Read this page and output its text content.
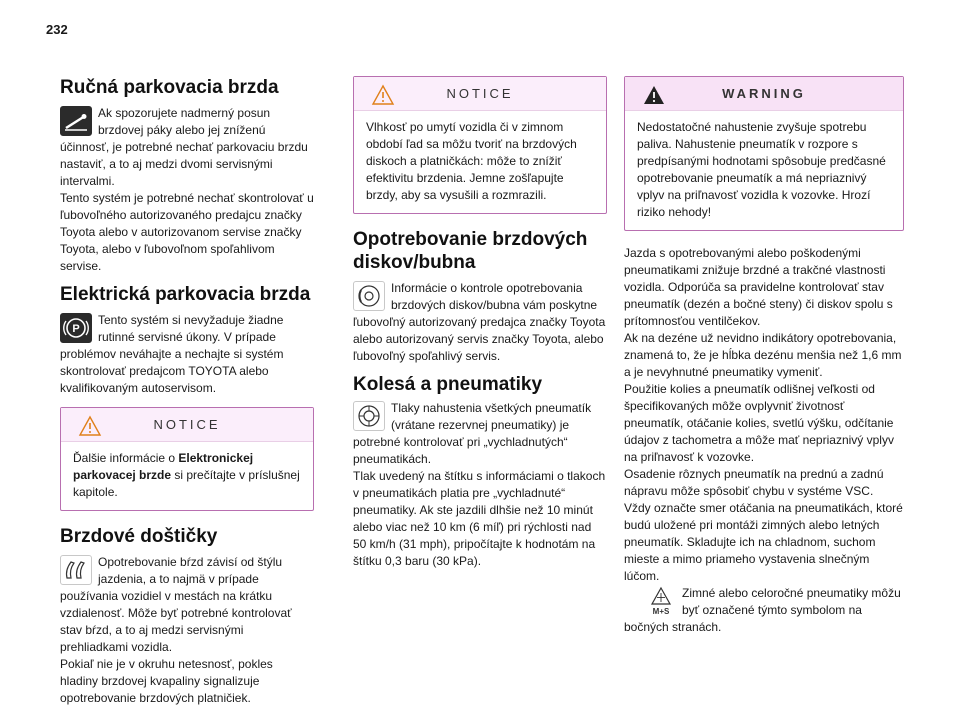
232
Ručná parkovacia brzda

Ak spozorujete nadmerný posun brzdovej páky alebo jej zníženú účinnosť, je potrebné nechať parkovaciu brzdu nastaviť, a to aj medzi dvomi servisnými intervalmi.

Tento systém je potrebné nechať skontrolovať u ľubovoľného autorizovaného predajcu značky Toyota alebo v autorizovanom servise značky Toyota, alebo v ľubovoľnom spoľahlivom servise.

Elektrická parkovacia brzda
P

Tento systém si nevyžaduje žiadne rutinné servisné úkony. V prípade problémov neváhajte a nechajte si systém skontrolovať predajcom TOYOTA alebo kvalifikovaným autoservisom.

NOTICE
Ďalšie informácie o Elektronickej parkovacej brzde si prečítajte v príslušnej kapitole.
Brzdové doštičky

Opotrebovanie bŕzd závisí od štýlu jazdenia, a to najmä v prípade používania vozidiel v mestách na krátku vzdialenosť. Môže byť potrebné kontrolovať stav bŕzd, a to aj medzi servisnými prehliadkami vozidla.

Pokiaľ nie je v okruhu netesnosť, pokles hladiny brzdovej kvapaliny signalizuje opotrebovanie brzdových platničiek.

NOTICE
Vlhkosť po umytí vozidla či v zimnom období ľad sa môžu tvoriť na brzdových diskoch a platničkách: môže to znížiť efektivitu brzdenia. Jemne zošľapujte brzdy, aby sa vysušili a rozmrazili.
Opotrebovanie brzdových diskov/bubna

Informácie o kontrole opotrebovania brzdových diskov/bubna vám poskytne ľubovoľný autorizovaný predajca značky Toyota alebo autorizovaný servis značky Toyota, alebo ľubovoľný spoľahlivý servis.

Kolesá a pneumatiky

Tlaky nahustenia všetkých pneumatík (vrátane rezervnej pneumatiky) je potrebné kontrolovať pri „vychladnutých“ pneumatikách.

Tlak uvedený na štítku s informáciami o tlakoch v pneumatikách platia pre „vychladnuté“ pneumatiky. Ak ste jazdili dlhšie než 10 minút alebo viac než 10 km (6 míľ) pri rýchlosti nad 50 km/h (31 mph), pripočítajte k hodnotám na štítku 0,3 baru (30 kPa).

WARNING
Nedostatočné nahustenie zvyšuje spotrebu paliva. Nahustenie pneumatík v rozpore s predpísanými hodnotami spôsobuje predčasné opotrebovanie pneumatík a má nepriaznivý vplyv na priľnavosť vozidla k vozovke. Hrozí riziko nehody!

Jazda s opotrebovanými alebo poškodenými pneumatikami znižuje brzdné a trakčné vlastnosti vozidla. Odporúča sa pravidelne kontrolovať stav pneumatík (dezén a bočné steny) či diskov spolu s prítomnosťou ventilčekov.

Ak na dezéne už nevidno indikátory opotrebovania, znamená to, že je hĺbka dezénu menšia než 1,6 mm a je nevyhnutné pneumatiky vymeniť.

Použitie kolies a pneumatík odlišnej veľkosti od špecifikovaných môže ovplyvniť životnosť pneumatík, otáčanie kolies, svetlú výšku, odčítanie údajov z tachometra a môže mať nepriaznivý vplyv na priľnavosť k vozovke.

Osadenie rôznych pneumatík na prednú a zadnú nápravu môže spôsobiť chybu v systéme VSC.

Vždy označte smer otáčania na pneumatikách, ktoré budú uložené pri montáži zimných alebo letných pneumatík. Skladujte ich na chladnom, suchom mieste a mimo priameho vystavenia slnečným lúčom.

M+S

Zimné alebo celoročné pneumatiky môžu byť označené týmto symbolom na bočných stranách.
